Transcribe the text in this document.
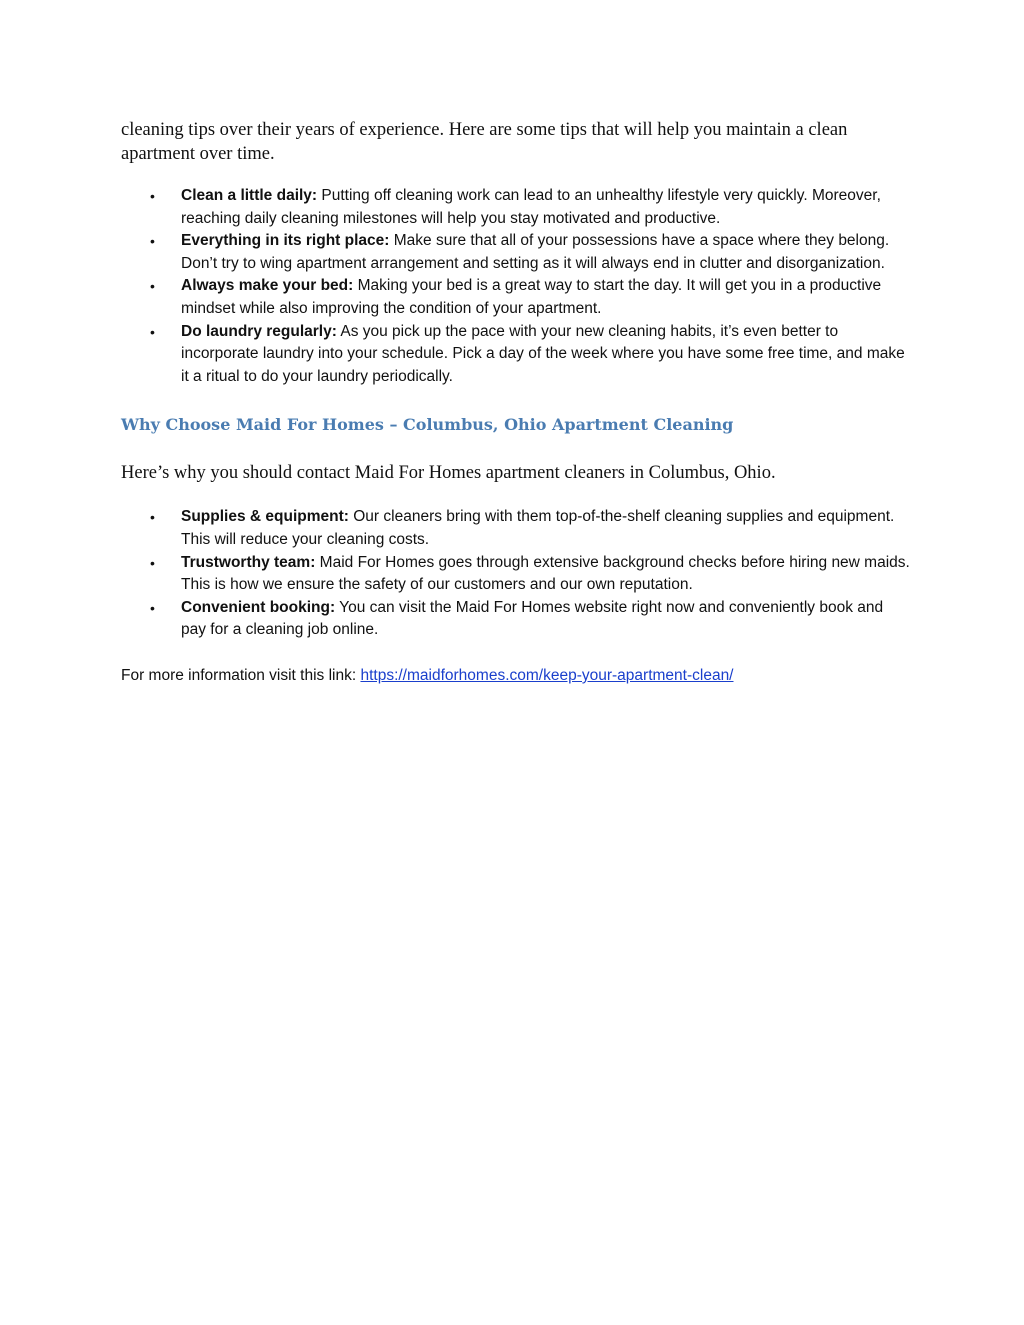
cleaning tips over their years of experience. Here are some tips that will help you maintain a clean apartment over time.

• Clean a little daily: Putting off cleaning work can lead to an unhealthy lifestyle very quickly. Moreover, reaching daily cleaning milestones will help you stay motivated and productive.
• Everything in its right place: Make sure that all of your possessions have a space where they belong. Don’t try to wing apartment arrangement and setting as it will always end in clutter and disorganization.
• Always make your bed: Making your bed is a great way to start the day. It will get you in a productive mindset while also improving the condition of your apartment.
• Do laundry regularly: As you pick up the pace with your new cleaning habits, it’s even better to incorporate laundry into your schedule. Pick a day of the week where you have some free time, and make it a ritual to do your laundry periodically.
Why Choose Maid For Homes – Columbus, Ohio Apartment Cleaning

Here’s why you should contact Maid For Homes apartment cleaners in Columbus, Ohio.

• Supplies & equipment: Our cleaners bring with them top-of-the-shelf cleaning supplies and equipment. This will reduce your cleaning costs.
• Trustworthy team: Maid For Homes goes through extensive background checks before hiring new maids. This is how we ensure the safety of our customers and our own reputation.
• Convenient booking: You can visit the Maid For Homes website right now and conveniently book and pay for a cleaning job online.

For more information visit this link: https://maidforhomes.com/keep-your-apartment-clean/
